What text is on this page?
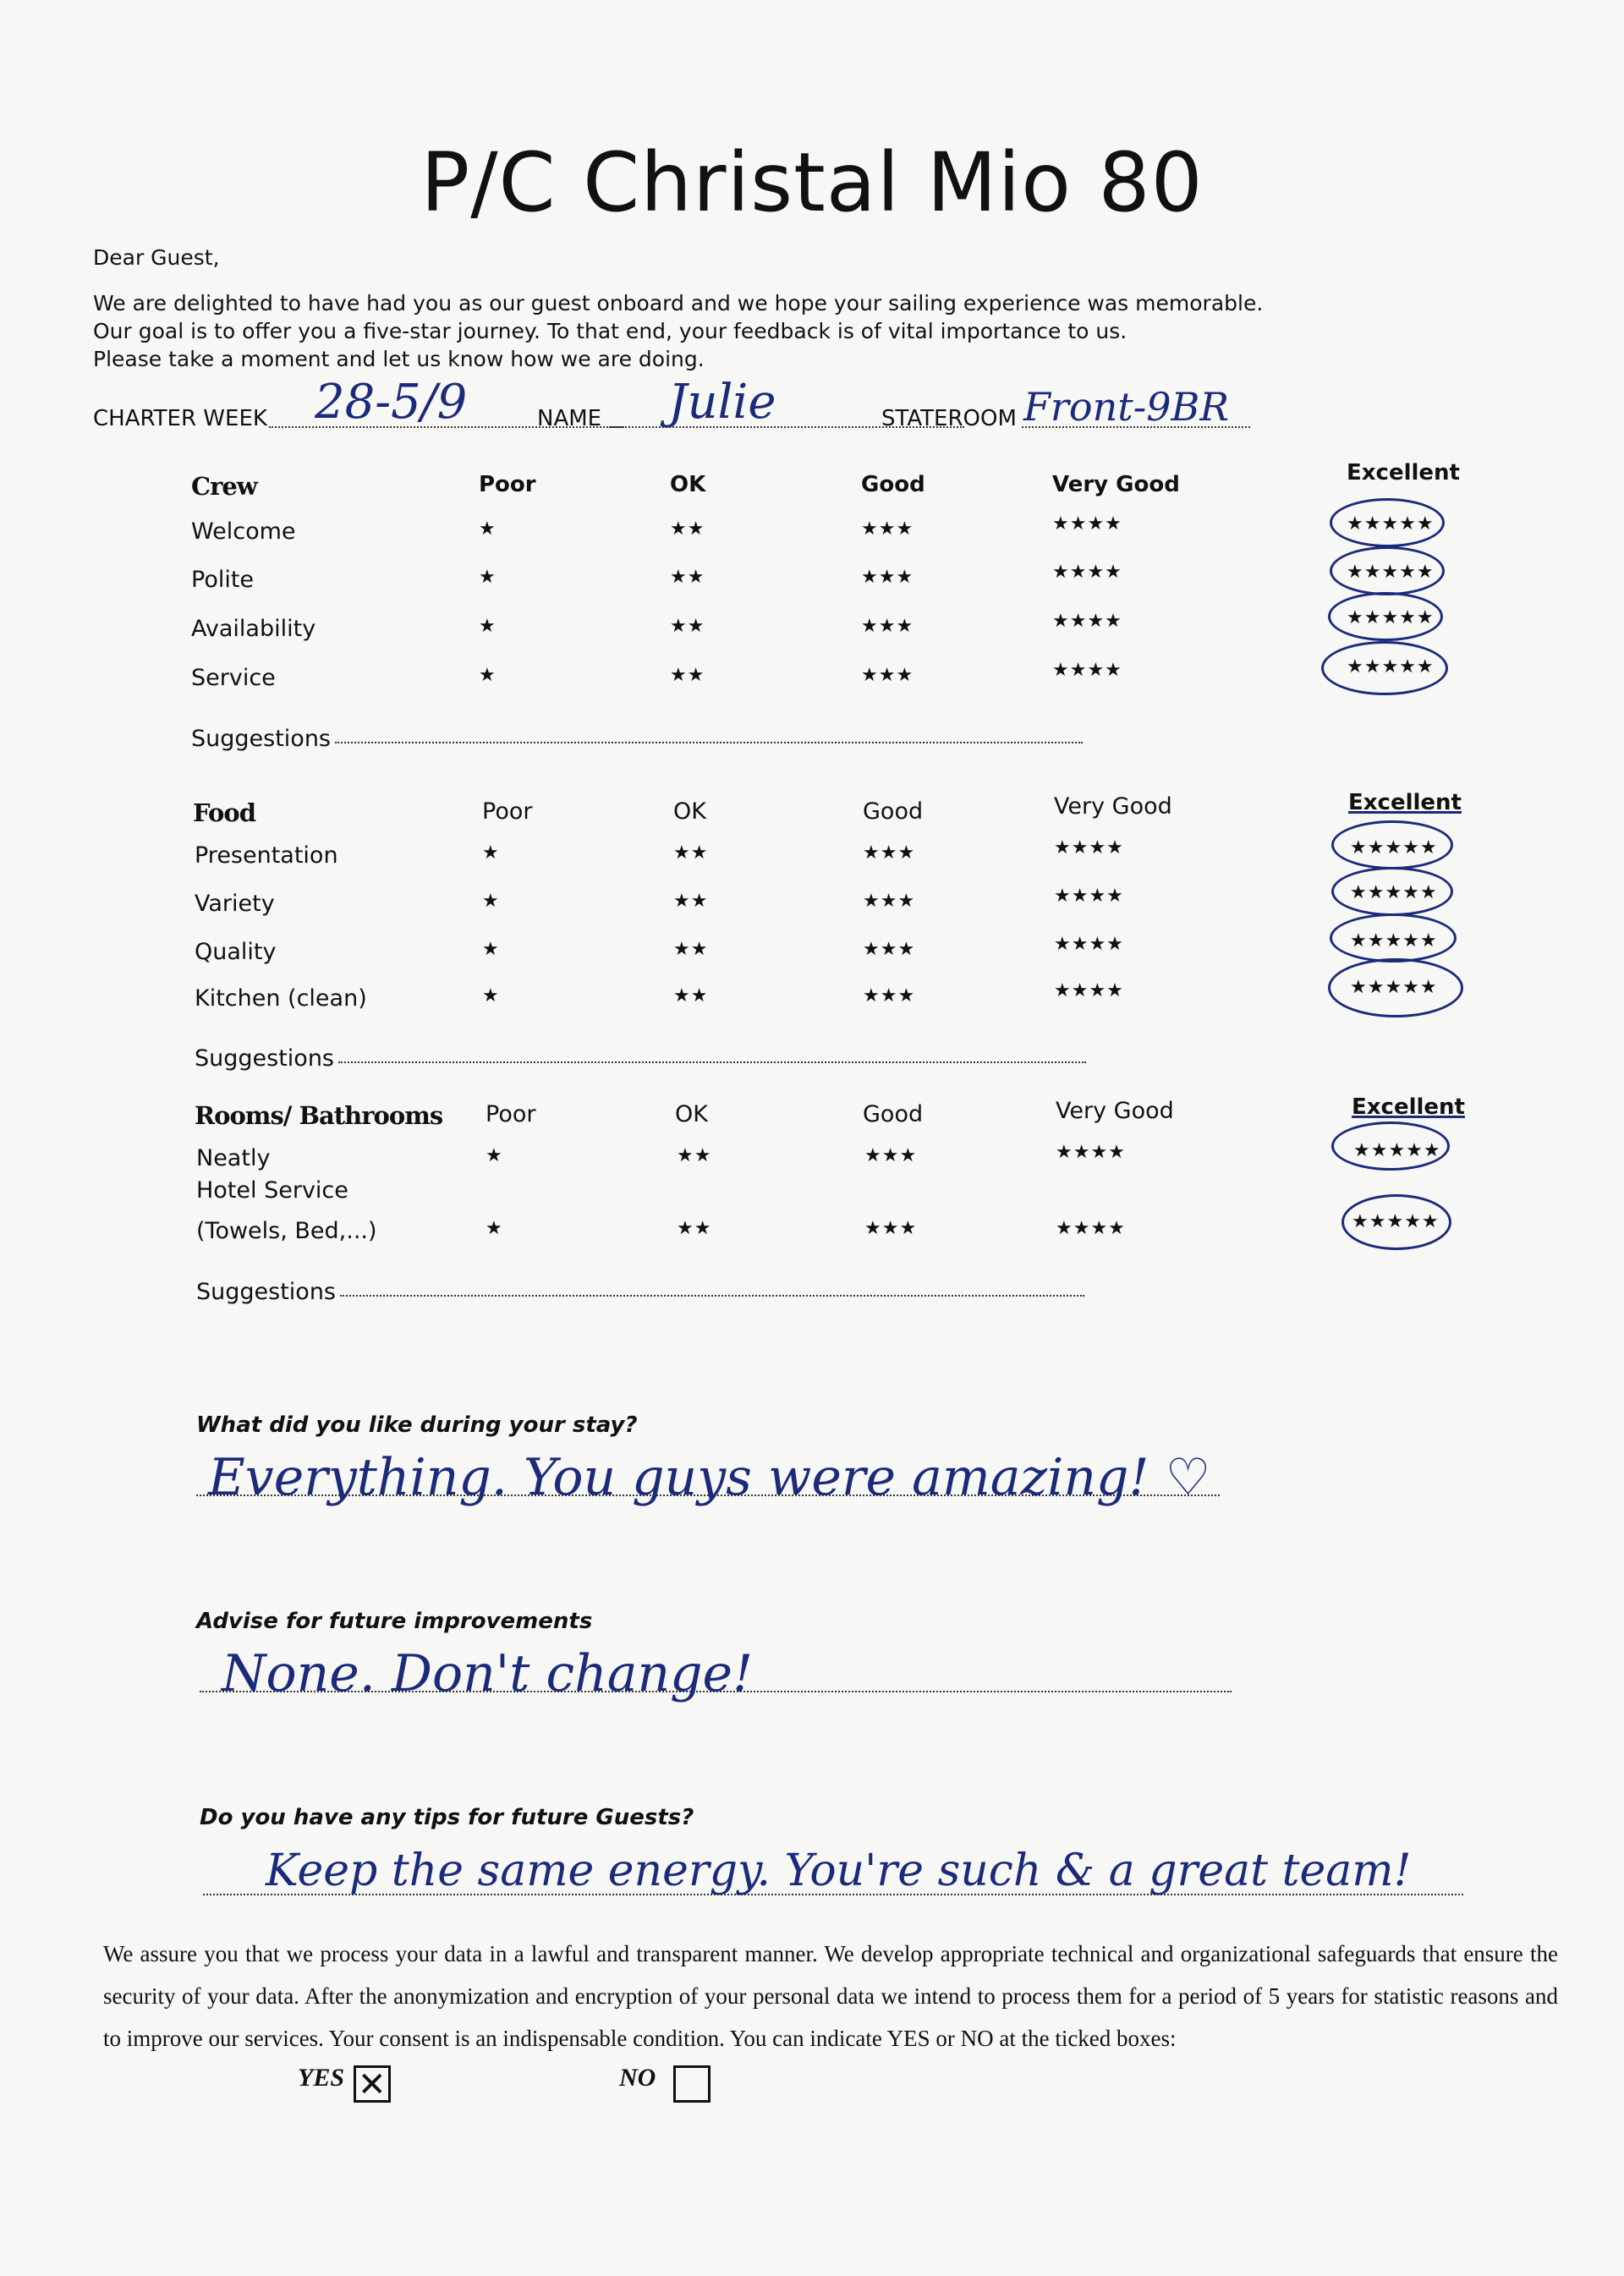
P/C Christal Mio 80
Dear Guest,
We are delighted to have had you as our guest onboard and we hope your sailing experience was memorable.
Our goal is to offer you a five-star journey. To that end, your feedback is of vital importance to us.
Please take a moment and let us know how we are doing.
CHARTER WEEK 28-5/9	NAME Julie	STATEROOM Front-9BR
Crew	Poor	OK	Good	Very Good	Excellent
Welcome	★	★★	★★★	★★★★	★★★★★
Polite	★	★★	★★★	★★★★	★★★★★
Availability	★	★★	★★★	★★★★	★★★★★
Service	★	★★	★★★	★★★★	★★★★★
Suggestions
Food	Poor	OK	Good	Very Good	Excellent
Presentation	★	★★	★★★	★★★★	★★★★★
Variety	★	★★	★★★	★★★★	★★★★★
Quality	★	★★	★★★	★★★★	★★★★★
Kitchen (clean)	★	★★	★★★	★★★★	★★★★★
Suggestions
Rooms/ Bathrooms Poor	OK	Good	Very Good	Excellent
Neatly	★	★★	★★★	★★★★	★★★★★
Hotel Service
(Towels, Bed,...)	★	★★	★★★	★★★★	★★★★★
Suggestions
What did you like during your stay?
Everything. You guys were amazing! ♡
Advise for future improvements
None. Don't change!
Do you have any tips for future Guests?
Keep the same energy. You're such & a great team!
We assure you that we process your data in a lawful and transparent manner. We develop appropriate technical and organizational safeguards that ensure the security of your data. After the anonymization and encryption of your personal data we intend to process them for a period of 5 years for statistic reasons and to improve our services. Your consent is an indispensable condition. You can indicate YES or NO at the ticked boxes:
YES ✕	NO
